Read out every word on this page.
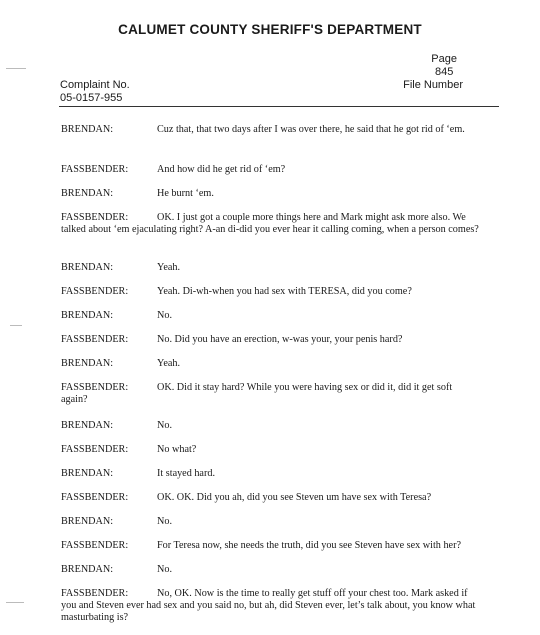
CALUMET COUNTY SHERIFF'S DEPARTMENT
Page
845
File Number
Complaint No.
05-0157-955

BRENDAN:	Cuz that, that two days after I was over there, he said that he got rid of ‘em.

FASSBENDER:	And how did he get rid of ‘em?

BRENDAN:	He burnt ‘em.

FASSBENDER:	OK. I just got a couple more things here and Mark might ask more also. We talked about ‘em ejaculating right? A-an di-did you ever hear it calling coming, when a person comes?

BRENDAN:	Yeah.

FASSBENDER:	Yeah. Di-wh-when you had sex with TERESA, did you come?

BRENDAN:	No.

FASSBENDER:	No. Did you have an erection, w-was your, your penis hard?

BRENDAN:	Yeah.

FASSBENDER:	OK. Did it stay hard? While you were having sex or did it, did it get soft again?

BRENDAN:	No.

FASSBENDER:	No what?

BRENDAN:	It stayed hard.

FASSBENDER:	OK. OK. Did you ah, did you see Steven um have sex with Teresa?

BRENDAN:	No.

FASSBENDER:	For Teresa now, she needs the truth, did you see Steven have sex with her?

BRENDAN:	No.

FASSBENDER:	No, OK. Now is the time to really get stuff off your chest too. Mark asked if you and Steven ever had sex and you said no, but ah, did Steven ever, let’s talk about, you know what masturbating is?
